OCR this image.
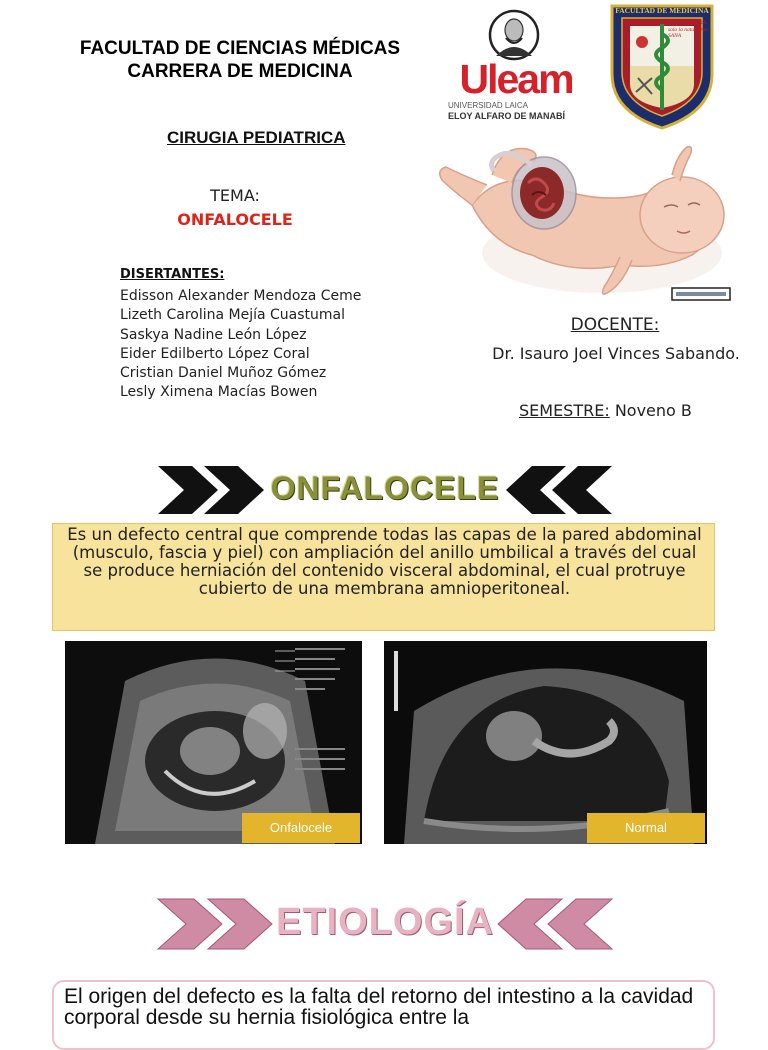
FACULTAD DE CIENCIAS MÉDICAS
CARRERA DE MEDICINA
CIRUGIA PEDIATRICA
TEMA:
ONFALOCELE
DISERTANTES:
Edisson Alexander Mendoza Ceme
Lizeth Carolina Mejía Cuastumal
Saskya Nadine León López
Eider Edilberto López Coral
Cristian Daniel Muñoz Gómez
Lesly Ximena Macías Bowen
Uleam
UNIVERSIDAD LAICA
ELOY ALFARO DE MANABÍ
FACULTAD DE MEDICINA
El médico CURA, solo la naturaleza SANA
DOCENTE:
Dr. Isauro Joel Vinces Sabando.
SEMESTRE: Noveno B
ONFALOCELE
Es un defecto central que comprende todas las capas de la pared abdominal (musculo, fascia y piel) con ampliación del anillo umbilical a través del cual se produce herniación del contenido visceral abdominal, el cual protruye cubierto de una membrana amnioperitoneal.
Onfalocele	Normal
ETIOLOGÍA
El origen del defecto es la falta del retorno del intestino a la cavidad corporal desde su hernia fisiológica entre la
